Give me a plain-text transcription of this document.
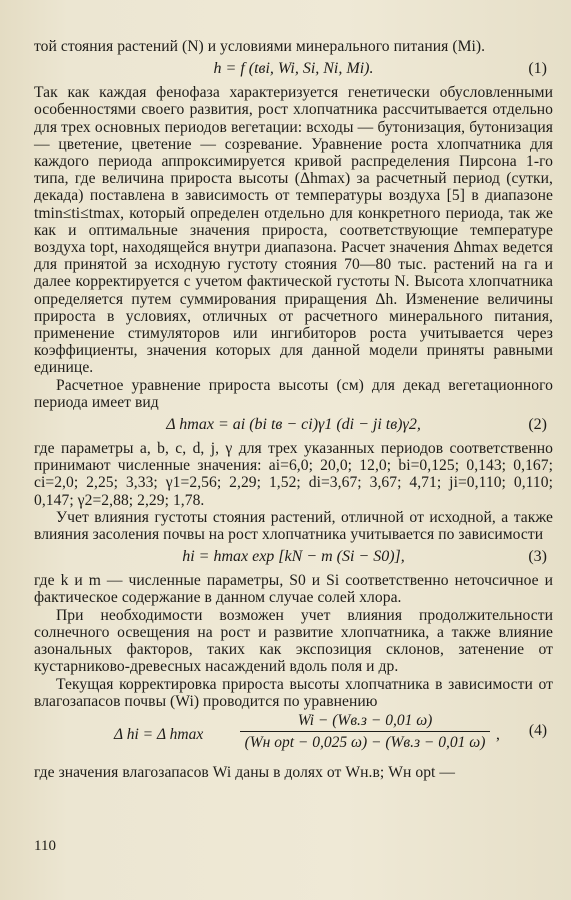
той стояния растений (N) и условиями минерального питания (Mi).

h = f (tвi, Wi, Si, Ni, Mi).	(1)

Так как каждая фенофаза характеризуется генетически обусловленными особенностями своего развития, рост хлопчатника рассчитывается отдельно для трех основных периодов вегетации: всходы — бутонизация, бутонизация — цветение, цветение — созревание. Уравнение роста хлопчатника для каждого периода аппроксимируется кривой распределения Пирсона 1-го типа, где величина прироста высоты (Δhmax) за расчетный период (сутки, декада) поставлена в зависимость от температуры воздуха [5] в диапазоне tmin≤ti≤tmax, который определен отдельно для конкретного периода, так же как и оптимальные значения прироста, соответствующие температуре воздуха topt, находящейся внутри диапазона. Расчет значения Δhmax ведется для принятой за исходную густоту стояния 70—80 тыс. растений на га и далее корректируется с учетом фактической густоты N. Высота хлопчатника определяется путем суммирования приращения Δh. Изменение величины прироста в условиях, отличных от расчетного минерального питания, применение стимуляторов или ингибиторов роста учитывается через коэффициенты, значения которых для данной модели приняты равными единице.

Расчетное уравнение прироста высоты (см) для декад вегетационного периода имеет вид

Δ hmax = ai (bi tв − ci)γ1 (di − ji tв)γ2,	(2)

где параметры a, b, c, d, j, γ для трех указанных периодов соответственно принимают численные значения: ai=6,0; 20,0; 12,0; bi=0,125; 0,143; 0,167; ci=2,0; 2,25; 3,33; γ1=2,56; 2,29; 1,52; di=3,67; 3,67; 4,71; ji=0,110; 0,110; 0,147; γ2=2,88; 2,29; 1,78.

Учет влияния густоты стояния растений, отличной от исходной, а также влияния засоления почвы на рост хлопчатника учитывается по зависимости

hi = hmax exp [kN − m (Si − S0)],	(3)

где k и m — численные параметры, S0 и Si соответственно неточсичное и фактическое содержание в данном случае солей хлора.

При необходимости возможен учет влияния продолжительности солнечного освещения на рост и развитие хлопчатника, а также влияние азональных факторов, таких как экспозиция склонов, затенение от кустарниково-древесных насаждений вдоль поля и др.

Текущая корректировка прироста высоты хлопчатника в зависимости от влагозапасов почвы (Wi) проводится по уравнению

Δ hi = Δ hmax
Wi − (Wв.з − 0,01 ω)
(Wн opt − 0,025 ω) − (Wв.з − 0,01 ω) , (4)

где значения влагозапасов Wi даны в долях от Wн.в; Wн opt —

110
